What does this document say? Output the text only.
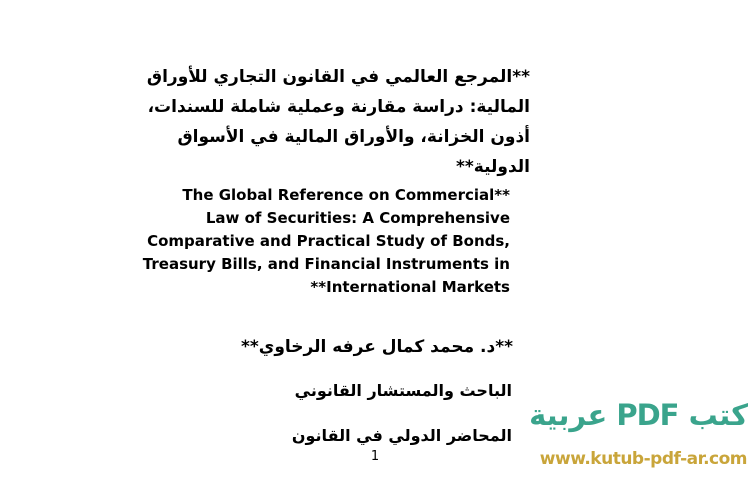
**المرجع العالمي في القانون التجاري للأوراق
المالية: دراسة مقارنة وعملية شاملة للسندات،
أذون الخزانة، والأوراق المالية في الأسواق
الدولية**
The Global Reference on Commercial**
Law of Securities: A Comprehensive
Comparative and Practical Study of Bonds,
Treasury Bills, and Financial Instruments in
**International Markets
**د. محمد كمال عرفه الرخاوي**
الباحث والمستشار القانوني
المحاضر الدولي في القانون
1
كتب PDF عربية
www.kutub-pdf-ar.com
